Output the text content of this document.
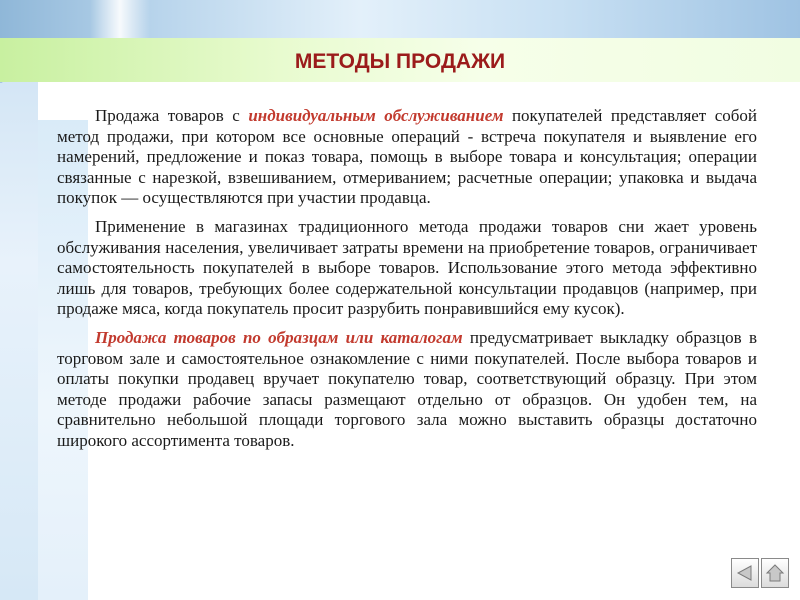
МЕТОДЫ ПРОДАЖИ

Продажа товаров с индивидуальным обслуживанием покупателей представляет собой метод продажи, при котором все основные операций - встреча покупателя и выявление его намерений, предложение и показ товара, помощь в выборе товара и консультация; операции связанные с нарезкой, взвешиванием, отмериванием; расчетные операции; упаковка и выдача покупок — осуществляются при участии продавца.

Применение в магазинах традиционного метода продажи товаров сни жает уровень обслуживания населения, увеличивает затраты времени на приобретение товаров, ограничивает самостоятельность покупателей в выборе товаров. Использование этого метода эффективно лишь для товаров, требующих более содержательной консультации продавцов (например, при продаже мяса, когда покупатель просит разрубить понравившийся ему кусок).

Продажа товаров по образцам или каталогам предусматривает выкладку образцов в торговом зале и самостоятельное ознакомление с ними покупателей. После выбора товаров и оплаты покупки продавец вручает покупателю товар, соответствующий образцу. При этом методе продажи рабочие запасы размещают отдельно от образцов. Он удобен тем, на сравнительно небольшой площади торгового зала можно выставить образцы достаточно широкого ассортимента товаров.
